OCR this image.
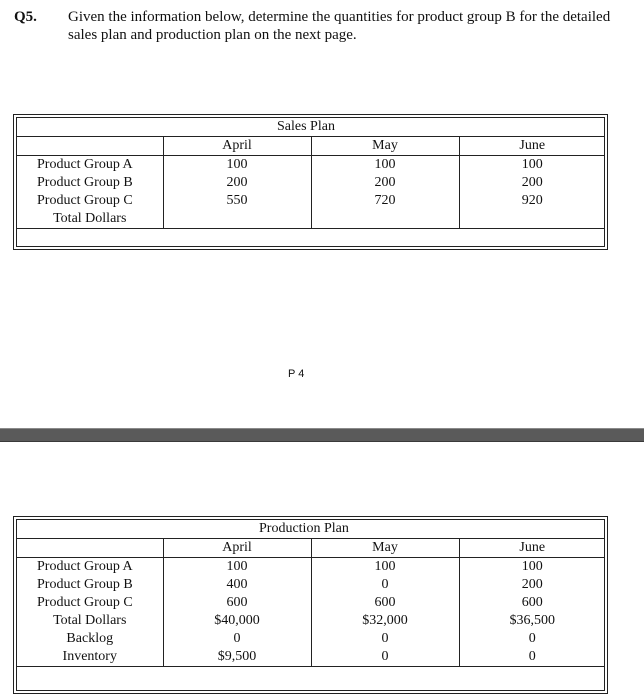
Q5. Given the information below, determine the quantities for product group B for the detailed sales plan and production plan on the next page.
	Sales Plan		
	April	May	June
Product Group A	100	100	100
Product Group B	200	200	200
Product Group C	550	720	920
Total Dollars			
P 4
	Production Plan		
	April	May	June
Product Group A	100	100	100
Product Group B	400	0	200
Product Group C	600	600	600
Total Dollars	$40,000	$32,000	$36,500
Backlog	0	0	0
Inventory	$9,500	0	0
